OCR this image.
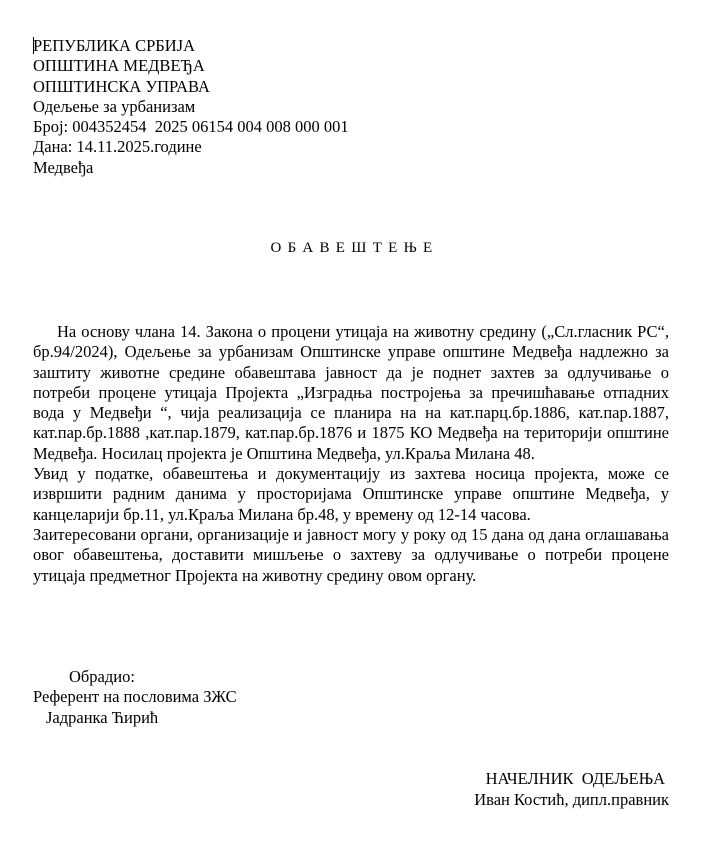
РЕПУБЛИКА СРБИЈА
ОПШТИНА МЕДВЕЂА
ОПШТИНСКА УПРАВА
Одељење за урбанизам
Број: 004352454  2025 06154 004 008 000 001
Дана: 14.11.2025.године
Медвеђа
ОБАВЕШТЕЊЕ

На основу члана 14. Закона о процени утицаја на животну средину („Сл.гласник РС“, бр.94/2024), Одељење за урбанизам Општинске управе општине Медвеђа надлежно за заштиту животне средине обавештава јавност да је поднет захтев за одлучивање о потреби процене утицаја Пројекта „Изградња постројења за пречишћавање отпадних вода у Медвеђи “, чија реализација се планира на на кат.парц.бр.1886, кат.пар.1887, кат.пар.бр.1888 ,кат.пар.1879, кат.пар.бр.1876 и 1875 КО Медвеђа на територији општине Медвеђа. Носилац пројекта је Општина Медвеђа, ул.Краља Милана 48.

Увид у податке, обавештења и документацију из захтева носица пројекта, може се извршити радним данима у просторијама Општинске управе општине Медвеђа, у канцеларији бр.11, ул.Краља Милана бр.48, у времену од 12-14 часова.

Заитересовани органи, организације и јавност могу у року од 15 дана од дана оглашавања овог обавештења, доставити мишљење о захтеву за одлучивање о потреби процене утицаја предметног Пројекта на животну средину овом органу.

Обрадио:
Референт на пословима ЗЖС
Јадранка Ћирић
НАЧЕЛНИК  ОДЕЉЕЊА
Иван Костић, дипл.правник
